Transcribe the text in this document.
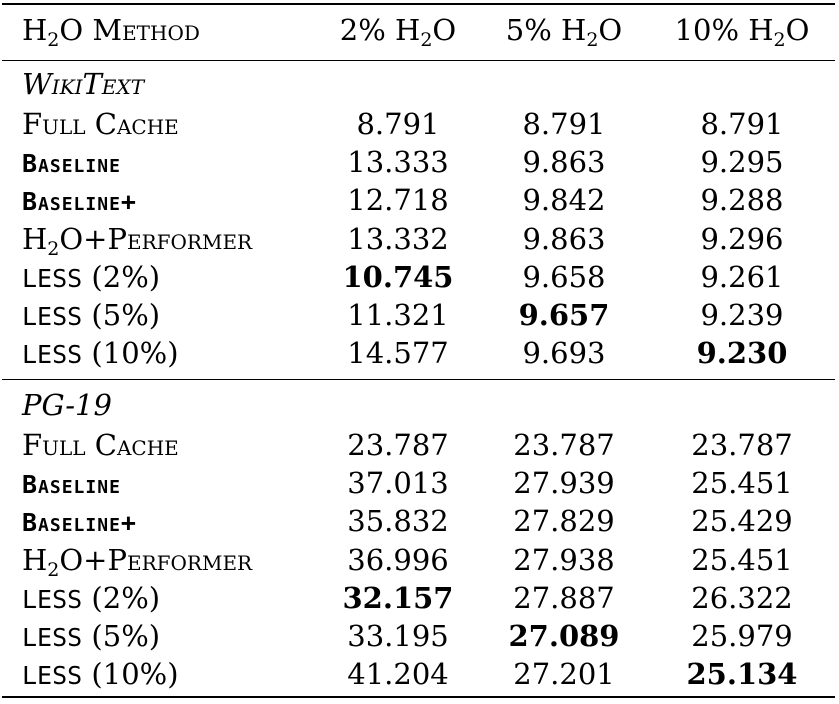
$H_2O$ Method	2% $H_2O$	5% $H_2O$	10% $H_2O$
WikiText
Full Cache	8.791	8.791	8.791
Baseline	13.333	9.863	9.295
Baseline+	12.718	9.842	9.288
$H_2O+Performer$	13.332	9.863	9.296
LESS (2%)	10.745	9.658	9.261
LESS (5%)	11.321	9.657	9.239
LESS (10%)	14.577	9.693	9.230
PG-19
Full Cache	23.787	23.787	23.787
Baseline	37.013	27.939	25.451
Baseline+	35.832	27.829	25.429
$H_2O+Performer$	36.996	27.938	25.451
LESS (2%)	32.157	27.887	26.322
LESS (5%)	33.195	27.089	25.979
LESS (10%)	41.204	27.201	25.134
